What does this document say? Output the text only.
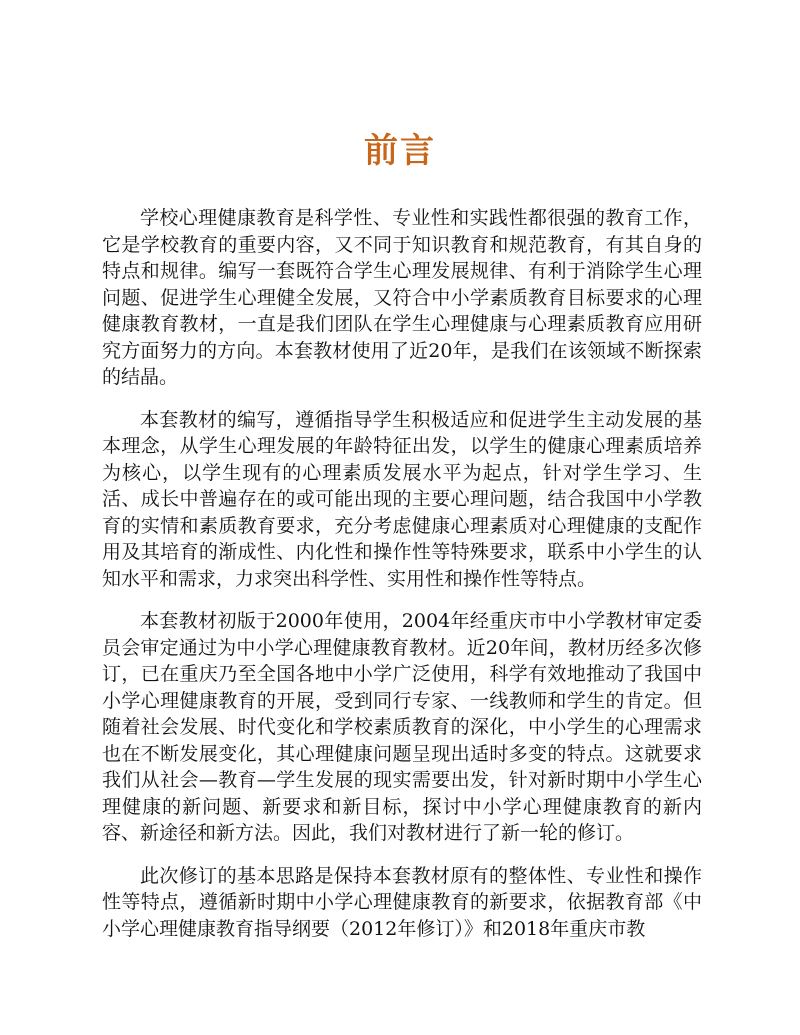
前言

学校心理健康教育是科学性、专业性和实践性都很强的教育工作，它是学校教育的重要内容，又不同于知识教育和规范教育，有其自身的特点和规律。编写一套既符合学生心理发展规律、有利于消除学生心理问题、促进学生心理健全发展，又符合中小学素质教育目标要求的心理健康教育教材，一直是我们团队在学生心理健康与心理素质教育应用研究方面努力的方向。本套教材使用了近20年，是我们在该领域不断探索的结晶。

本套教材的编写，遵循指导学生积极适应和促进学生主动发展的基本理念，从学生心理发展的年龄特征出发，以学生的健康心理素质培养为核心，以学生现有的心理素质发展水平为起点，针对学生学习、生活、成长中普遍存在的或可能出现的主要心理问题，结合我国中小学教育的实情和素质教育要求，充分考虑健康心理素质对心理健康的支配作用及其培育的渐成性、内化性和操作性等特殊要求，联系中小学生的认知水平和需求，力求突出科学性、实用性和操作性等特点。

本套教材初版于2000年使用，2004年经重庆市中小学教材审定委员会审定通过为中小学心理健康教育教材。近20年间，教材历经多次修订，已在重庆乃至全国各地中小学广泛使用，科学有效地推动了我国中小学心理健康教育的开展，受到同行专家、一线教师和学生的肯定。但随着社会发展、时代变化和学校素质教育的深化，中小学生的心理需求也在不断发展变化，其心理健康问题呈现出适时多变的特点。这就要求我们从社会—教育—学生发展的现实需要出发，针对新时期中小学生心理健康的新问题、新要求和新目标，探讨中小学心理健康教育的新内容、新途径和新方法。因此，我们对教材进行了新一轮的修订。

此次修订的基本思路是保持本套教材原有的整体性、专业性和操作性等特点，遵循新时期中小学心理健康教育的新要求，依据教育部《中小学心理健康教育指导纲要（2012年修订）》和2018年重庆市教
